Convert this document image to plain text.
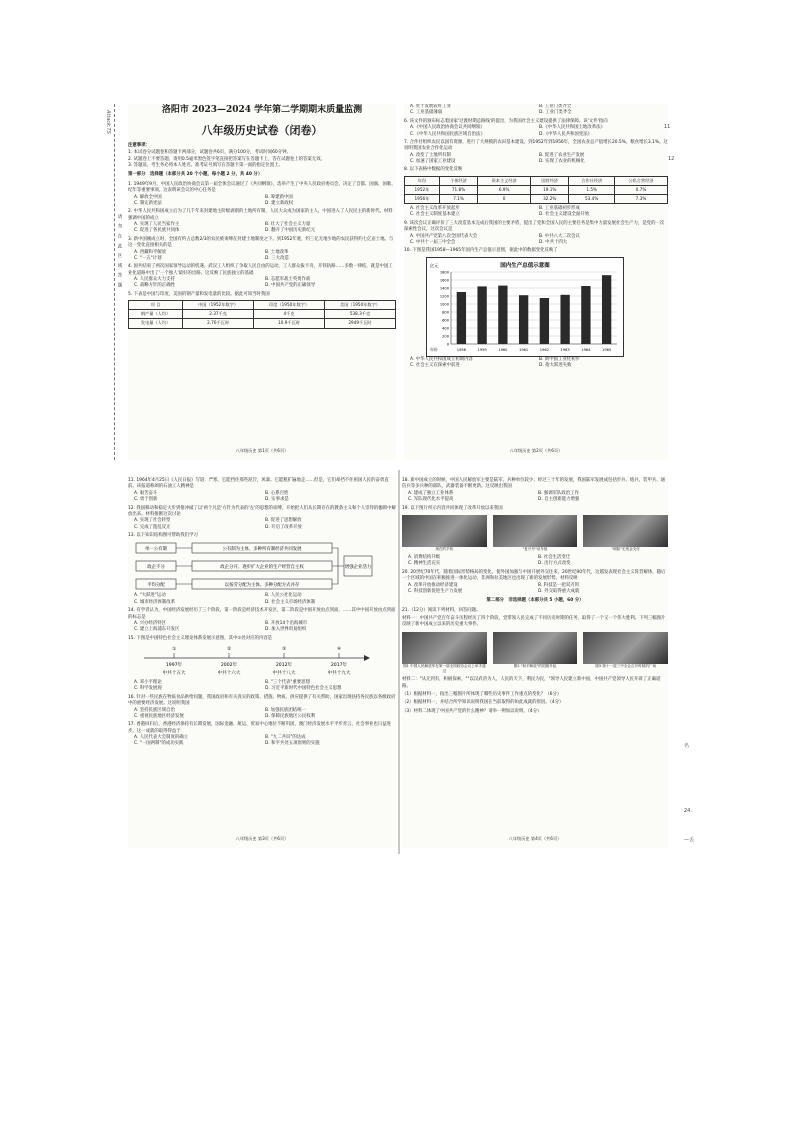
Attack.TS
请 勿 在 此 区 域 答 题
洛阳市 2023—2024 学年第二学期期末质量监测
八年级历史试卷（闭卷）
注意事项：
1. 本试卷分试题卷和答题卡两部分，试题卷共6页，满分100分，考试时间60分钟。
2. 试题卷上不要答题，请用0.5毫米黑色签字笔直接把答案写在答题卡上，答在试题卷上的答案无效。
3. 答题前，考生务必将本人姓名、准考证号填写在答题卡第一面的指定位置上。
第一部分　选择题（本部分共 20 个小题，每小题 2 分，共 40 分）
1. 1949年9月，中国人民政治协商会议第一届全体会议通过了《共同纲领》，选举产生了中央人民政府委员会，决定了自都、国旗、国歌、纪年等重要事项。这表明该会议的中心任务是
A. 解放全中国	B. 筹建新中国
C. 制定新宪法	D. 建立新政权
2. 中华人民共和国成立后为了几千年来封建地主阶级剥削的土地所有制，人民大众成为国家的主人，中国进入了人民民主的新时代。材料强调中国的成立
A. 实现了人民当家作主	B. 壮大了社会主义力量
C. 促进了各民族共同体	D. 翻开了中国历史新纪元
3. 新中国刚成立时，全国有约占总数2/3的农民被束缚在封建土地制度之下。到1952年底，约三亿无地少地的农民获得约七亿亩土地。与这一变化直接相关的是
A. 西藏和平解放	B. 土地改革
C. "一五"计划	D. 三大改造
4. 国共结束了两次国家领导运动的机遇，武汉工人组织了争取人民自由的运动，工人群众拔卡舟，开铁轨路……多数一律结，就是中国工业化道路中出了'一个独人'最好的出路。这反映了民族独立的基础
A. 人民群众大力支持	B. 志愿军战士英勇作战
C. 战略方针的正确性	D. 中国共产党的正确领导
5. 下表是中国与印度、美国的钢产量和发电量的比较。据此可知当时我国
项 目	中国（1952年数字）	印度（1950年数字）	美国（1950年数字）
钢产量（人均）	2.37千克	4千克	538.3千克
发电量（人均）	2.76千瓦时	10.9千瓦时	2949千瓦时
八年级历史 第1页（共6页）
A. 处于发展较好工业	B. 工业门类齐全
C. 工业基础薄弱	D. 工业门类齐全
6. 该文件的颁布标志着国家'过渡时期总路线'的提出，为我国社会主义建设提供了法律保障。该'文件'指向
A.《中国人民政治协商会议共同纲领》	B.《中华人民共和国土地改革法》
C.《中华人民共和国民族区域自治法》	D.《中华人民共和国宪法》
7. 合作社组织农民以国有资源，进行了大规模的农田基本建设。到1952年到1956年，全国农业总产值增长20.5%，粮食增长3.1%。这说明我国农业合作化运动
A. 改变了土地所有制	B. 促进了农业生产发展
C. 加速了国家工业建设	D. 实现了农业的机械化
8. 以下表格中数据的变化反映
年份	个体经济	资本主义经济	国营经济	合作社经济	公私合营经济
1952年	71.8%	6.9%	19.1%	1.5%	0.7%
1956年	7.1%	0	32.2%	53.4%	7.3%
A. 社会主义改革开放起步	B. 工业基础初步形成
C. 社会主义制度基本建立	D. 社会主义建设全面开始
9. 该次会议正确评价了三大改造基本完成后我国的主要矛盾，提出了党和全国人民的主要任务是集中力量发展社会生产力，是党的一次探索性会议，这次会议是
A. 中国共产党第八次全国代表大会	B. 中共八大二次会议
C. 中共十一届三中全会	D. 中共十四大
10. 下图是我国1958—1965年国内生产总值示意图，据此中的数据变化反映了
国内生产总值示意图
亿元
1800
1600
1400
1200
1000
800
600
400
200
0
1958	1959	1960	1961	1962	1963	1964	1965
年份
A. 中华人民共和国成立初期内容	B. 新中国工业化初步
C. 社会主义在探索中前进	D. 指大跃进失败
八年级历史 第2页（共6页）
11. 1964年4月25日《人民日报》写道：严寒，它能挡住那些泥泞，风暴。它能粗犷遍地走……但是，它们却挡不住祖国人民的奋勇直前。该报道称颂的石油工人精神是
A. 艰苦奋斗	B. 心系百姓
C. 勇于创新	D. 实事求是
12. 我国移动和稳定大步到推冲破了以'两个凡是'方针为代表的'左'的思想的束缚，开始把人们从长期存在的教条主义和个人崇拜的枷锁中解放出来。材料推断这次讨论
A. 实现了社会转型	B. 促进了思想解放
C. 完成了拨乱反正	D. 开启了改革开放
13. 以下知识结构图可帮助我们学习
单一公有制
政企不分
平均分配
公有制为主体、多种所有制经济共同发展
政企分开、逐步扩大企业的生产经营自主权
以按劳分配为主体、多种分配方式并存
增强企业活力
A. "大跃进"运动	B. 人民公社化运动
C. 城市经济体制改革	D. 社会主义市场经济体制
14. 有学者认为，中国经济发展经历了三个阶段，第一阶段是经济技术开发区，第二阶段是中国开放由点到面，……其中中国开放由点到面的标志是
A. 兴办经济特区	B. 开放14个沿海城市
C. 建立上海浦东开发区	D. 加入世界贸易组织
15. 下图是中国特色社会主义理论体系发展示意图，其中①处对应的内容是
①
1997年
中共十五大
②
2002年
中共十六大
③
2012年
中共十八大
④
2017年
中共十九大
A. 邓小平理论	B. "三个代表"重要思想
C. 科学发展观	D. 习近平新时代中国特色社会主义思想
16. 针对一些民族在物质食品供给问题，我国政府和有关真实的政策、措施、物质、供应提供了有关帮助，国家出现扶持各民族以各级政府中的重要经济发展。这说明我国
A. 坚持民族区域自治	B. 加强民族团结统一
C. 重视民族地区经济发展	D. 保障民族地区公民权利
17. 香港回归后，香港经济保持有长期发展，国际金融、航运、贸易中心地位不断巩固，澳门经济发展水平平步青云，社会事业也日益进步。这一成就的取得得益于
A. 人民代表大会制度的确立	B. "九二共识"的达成
C. "一国两制"的成功实践	D. 和平共处五项原则的实施
八年级历史 第3页（共6页）
18. 新中国成立的时候，中国人民解放军主要是陆军，兵种单位较少；经过三十年的发展，我国陆军发展成包括步兵、炮兵、装甲兵、通信兵等多兵种的部队，武器装备不断更新。这反映出我国
A. 建成了独立工业体系	B. 强调军队政治工作
C. 军队现代化水平提高	D. 自主创新能力增强
19. 以下图片所示内容共同体现了改革开放以来我国
现在的手机	"复兴号"动车组	"刷脸"无现金支付
A. 消费结构升级	B. 社会生活变迁
C. 精神生活充实	D. 出行方式改变
20. 20世纪70年代，随着国际形势格局的变化，使外国加强与中国开展外交往来，20世纪90年代，这越发表现社会主义阵营解体，随后一个区域的中国在积极推进一体化运动，非洲和拉美地区也出现了新的发展形势。材料反映
A. 改革开放推动经济建设	B. 科技是一把双刃剑
C. 科技创新促进生产力发展	D. 外交取得重大成就
第二部分　非选择题（本部分共 5 小题，60 分）
21.（12分）阅读下列材料，回答问题。
材料一：中国共产党百年奋斗历程经历了四个阶段，党带领人民完成了不同历史时期的任务，取得了一个又一个伟大胜利。下列三幅图片反映了新中国成立以来的历史重大事件。
图1 中国人民解放军在第一届全国政协会议上举手通过
图2 "和平解放"的国旗升起	图3 第十一届三中全会召开时候的广场
材料二："从无到有，积极探索，""以汉武帝为人，人民的天下，利民为民，"领导人民建立新中国，中国共产党领导人民开辟了正确道路。
（1）根据材料一，指出三幅图片所体现了哪些历史事件工作重点的变化？（6分）
（2）根据材料一，并结合所学知识说明我国在当前取得的如此成就的原因。（4分）
（3）材料二体现了中国共产党的什么精神？请举一例加以说明。（4分）
八年级历史 第4页（共6页）
11
12
名
24.
—丢
